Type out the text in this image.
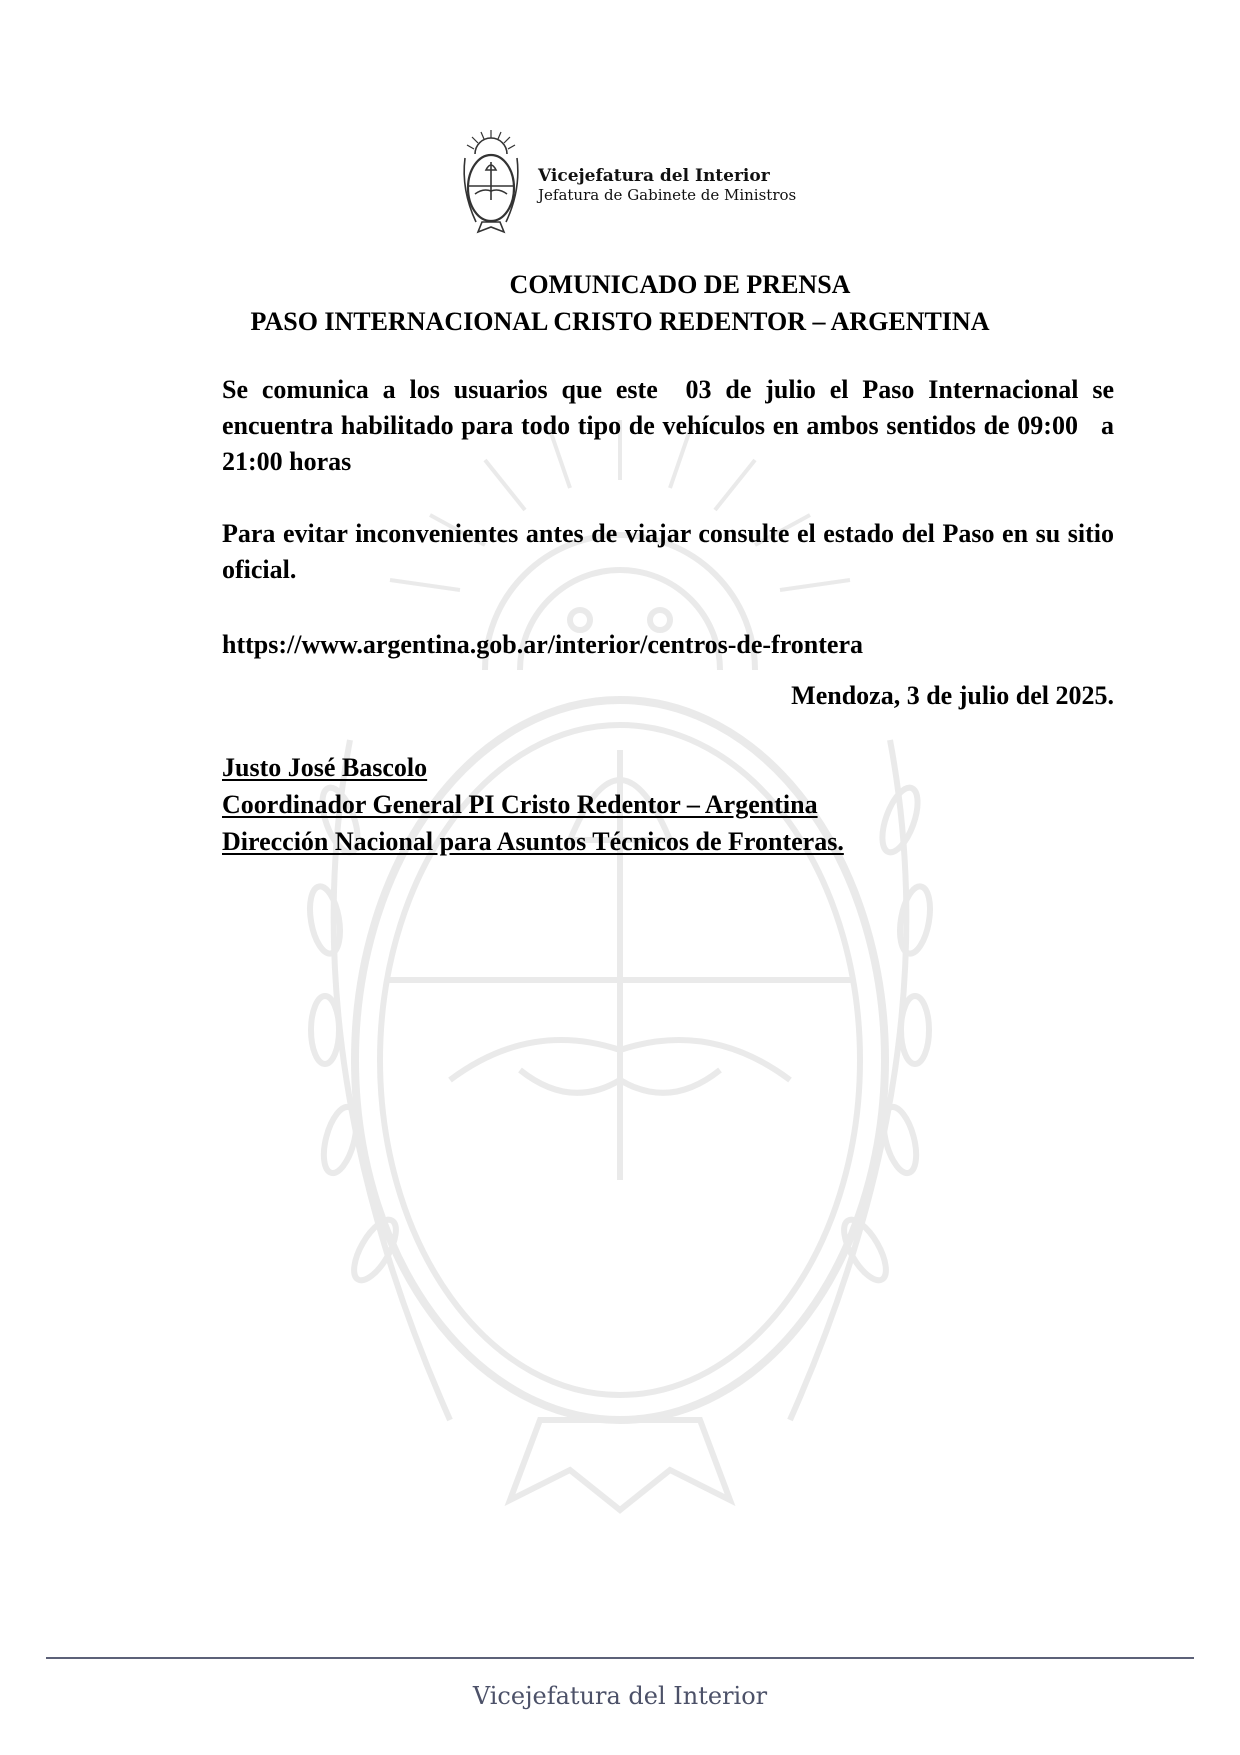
Vicejefatura del Interior
Jefatura de Gabinete de Ministros
COMUNICADO DE PRENSA
PASO INTERNACIONAL CRISTO REDENTOR – ARGENTINA
Se comunica a los usuarios que este  03 de julio el Paso Internacional se encuentra habilitado para todo tipo de vehículos en ambos sentidos de 09:00   a 21:00 horas
Para evitar inconvenientes antes de viajar consulte el estado del Paso en su sitio oficial.
https://www.argentina.gob.ar/interior/centros-de-frontera
Mendoza, 3 de julio del 2025.
Justo José Bascolo
Coordinador General PI Cristo Redentor – Argentina
Dirección Nacional para Asuntos Técnicos de Fronteras.
Vicejefatura del Interior
